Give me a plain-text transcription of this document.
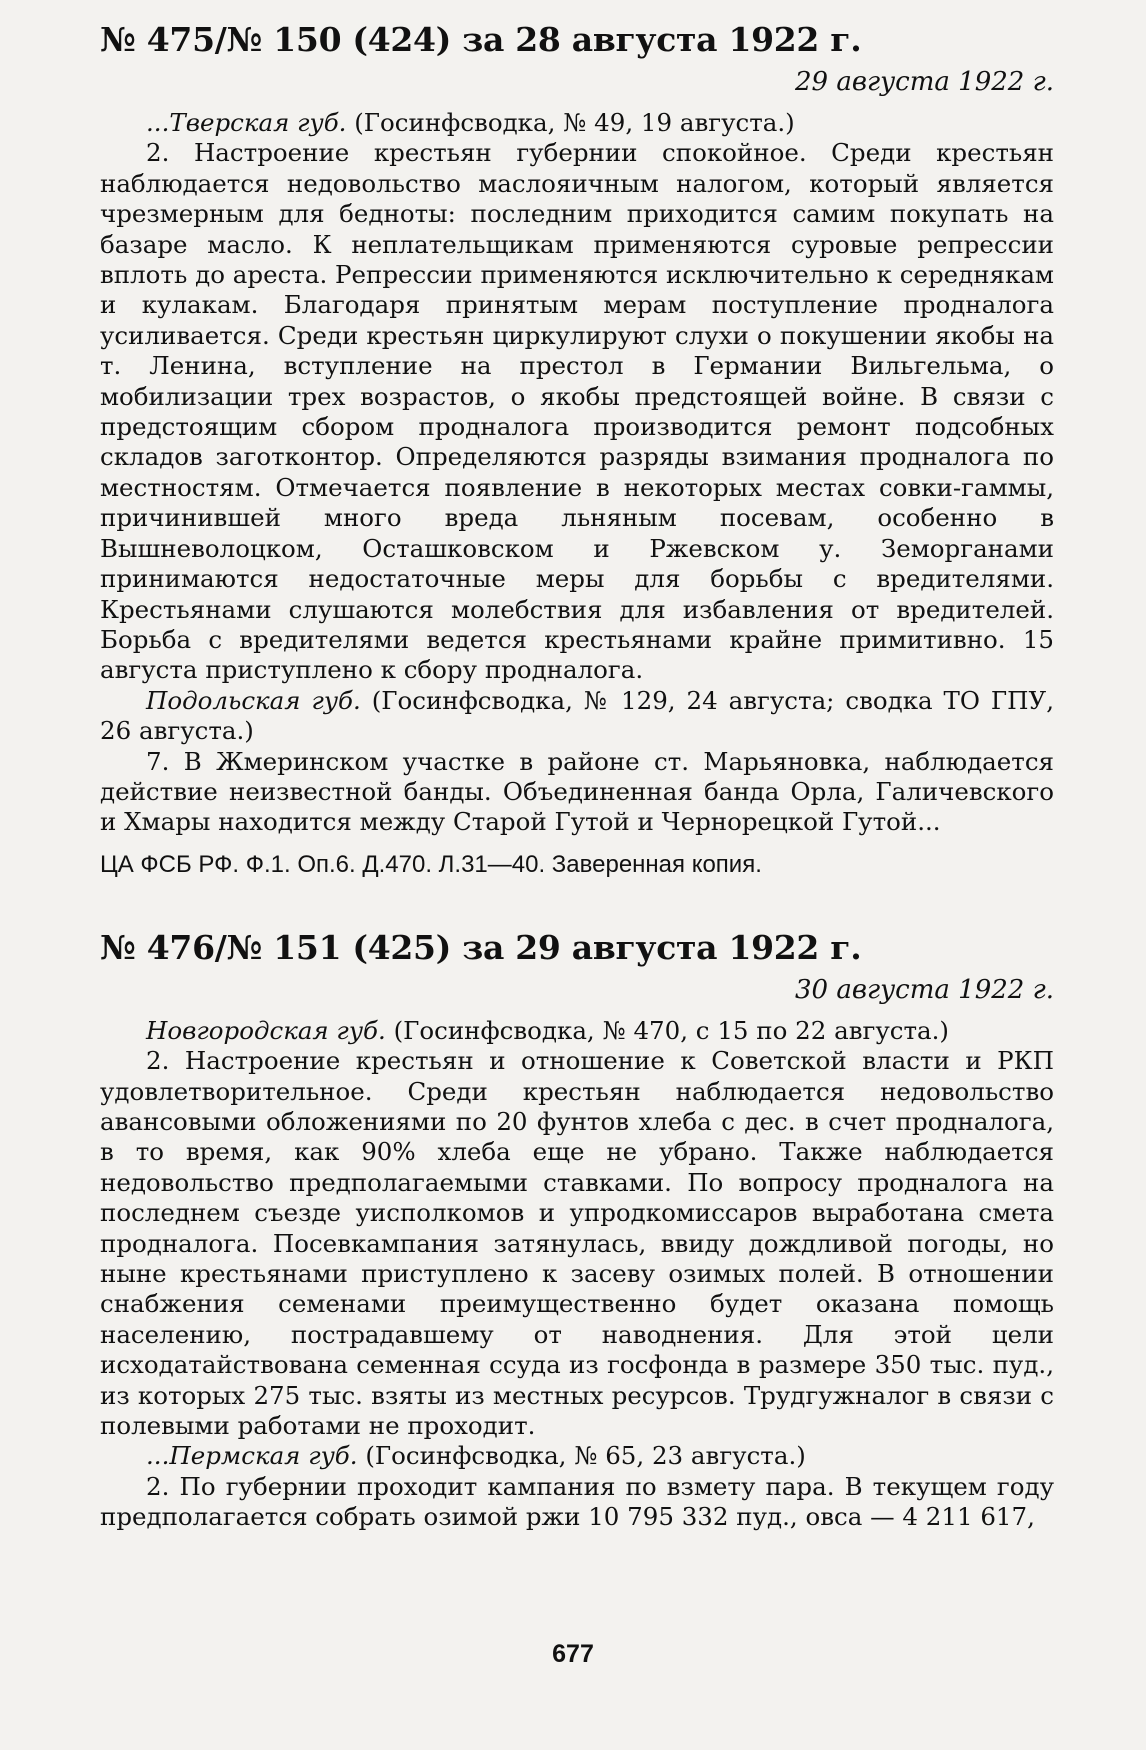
№ 475/№ 150 (424) за 28 августа 1922 г.

29 августа 1922 г.

...Тверская губ. (Госинфсводка, № 49, 19 августа.)

2. Настроение крестьян губернии спокойное. Среди крестьян наблюдается недовольство маслояичным налогом, который является чрезмерным для бедноты: последним приходится самим покупать на базаре масло. К неплательщикам применяются суровые репрессии вплоть до ареста. Репрессии применяются исключительно к середнякам и кулакам. Благодаря принятым мерам поступление продналога усиливается. Среди крестьян циркулируют слухи о покушении якобы на т. Ленина, вступление на престол в Германии Вильгельма, о мобилизации трех возрастов, о якобы предстоящей войне. В связи с предстоящим сбором продналога производится ремонт подсобных складов заготконтор. Определяются разряды взимания продналога по местностям. Отмечается появление в некоторых местах совки-гаммы, причинившей много вреда льняным посевам, особенно в Вышневолоцком, Осташковском и Ржевском у. Земорганами принимаются недостаточные меры для борьбы с вредителями. Крестьянами слушаются молебствия для избавления от вредителей. Борьба с вредителями ведется крестьянами крайне примитивно. 15 августа приступлено к сбору продналога.

Подольская губ. (Госинфсводка, № 129, 24 августа; сводка ТО ГПУ, 26 августа.)

7. В Жмеринском участке в районе ст. Марьяновка, наблюдается действие неизвестной банды. Объединенная банда Орла, Галичевского и Хмары находится между Старой Гутой и Чернорецкой Гутой...

ЦА ФСБ РФ. Ф.1. Оп.6. Д.470. Л.31—40. Заверенная копия.

№ 476/№ 151 (425) за 29 августа 1922 г.

30 августа 1922 г.

Новгородская губ. (Госинфсводка, № 470, с 15 по 22 августа.)

2. Настроение крестьян и отношение к Советской власти и РКП удовлетворительное. Среди крестьян наблюдается недовольство авансовыми обложениями по 20 фунтов хлеба с дес. в счет продналога, в то время, как 90% хлеба еще не убрано. Также наблюдается недовольство предполагаемыми ставками. По вопросу продналога на последнем съезде уисполкомов и упродкомиссаров выработана смета продналога. Посевкампания затянулась, ввиду дождливой погоды, но ныне крестьянами приступлено к засеву озимых полей. В отношении снабжения семенами преимущественно будет оказана помощь населению, пострадавшему от наводнения. Для этой цели исходатайствована семенная ссуда из госфонда в размере 350 тыс. пуд., из которых 275 тыс. взяты из местных ресурсов. Трудгужналог в связи с полевыми работами не проходит.

...Пермская губ. (Госинфсводка, № 65, 23 августа.)

2. По губернии проходит кампания по взмету пара. В текущем году предполагается собрать озимой ржи 10 795 332 пуд., овса — 4 211 617,

677
